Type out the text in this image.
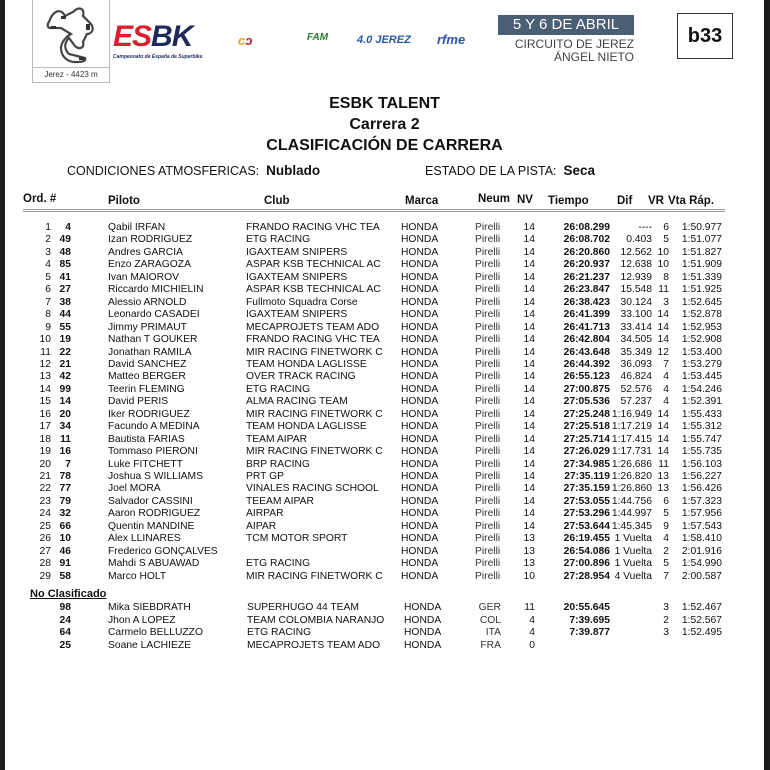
Jerez - 4423 m
ESBK
Campeonato de España de Superbike
cɔ	FAM	4.0 JEREZ rfme
5 Y 6 DE ABRIL
CIRCUITO DE JEREZ
ÁNGEL NIETO
b33
ESBK TALENT
Carrera 2
CLASIFICACIÓN DE CARRERA
CONDICIONES ATMOSFERICAS: Nublado	ESTADO DE LA PISTA: Seca
Ord. #	Piloto	Club	Marca	Neum NV Tiempo Dif VR Vta Ráp.
1	4	Qabil IRFAN	FRANDO RACING VHC TEA	HONDA	Pirelli	14	26:08.299	----	6	1:50.977
2 49	Izan RODRIGUEZ	ETG RACING	HONDA	Pirelli	14	26:08.702	0.403	5	1:51.077
3 48	Andres GARCIA	IGAXTEAM SNIPERS	HONDA	Pirelli	14	26:20.860	12.562 10	1:51.827
4 85	Enzo ZARAGOZA	ASPAR KSB TECHNICAL AC	HONDA	Pirelli	14	26:20.937	12.638 10	1:51.909
5 41	Ivan MAIOROV	IGAXTEAM SNIPERS	HONDA	Pirelli	14	26:21.237	12.939	8	1:51.339
6 27	Riccardo MICHIELIN	ASPAR KSB TECHNICAL AC	HONDA	Pirelli	14	26:23.847	15.548 11	1:51.925
7 38	Alessio ARNOLD	Fullmoto Squadra Corse	HONDA	Pirelli	14	26:38.423	30.124	3	1:52.645
8 44	Leonardo CASADEI	IGAXTEAM SNIPERS	HONDA	Pirelli	14	26:41.399	33.100 14	1:52.878
9 55	Jimmy PRIMAUT	MÉCAPROJETS TEAM ADO	HONDA	Pirelli	14	26:41.713	33.414 14	1:52.953
10 19	Nathan T GOUKER	FRANDO RACING VHC TEA	HONDA	Pirelli	14	26:42.804	34.505 14	1:52.908
11 22	Jonathan RAMILA	MIR RACING FINETWORK C	HONDA	Pirelli	14	26:43.648	35.349 12	1:53.400
12 21	David SANCHEZ	TEAM HONDA LAGLISSE	HONDA	Pirelli	14	26:44.392	36.093	7	1:53.279
13 42	Matteo BERGER	OVER TRACK RACING	HONDA	Pirelli	14	26:55.123	46.824	4	1:53.445
14 99	Teerin FLEMING	ETG RACING	HONDA	Pirelli	14	27:00.875	52.576	4	1:54.246
15 14	David PERIS	ALMA RACING TEAM	HONDA	Pirelli	14	27:05.536	57.237	4	1:52.391
16 20	Iker RODRIGUEZ	MIR RACING FINETWORK C	HONDA	Pirelli	14	27:25.248 1:16.949 14	1:55.433
17 34	Facundo A MEDINA	TEAM HONDA LAGLISSE	HONDA	Pirelli	14	27:25.518 1:17.219 14	1:55.312
18 11	Bautista FARIAS	TEAM AIPAR	HONDA	Pirelli	14	27:25.714 1:17.415 14	1:55.747
19 16	Tommaso PIERONI	MIR RACING FINETWORK C	HONDA	Pirelli	14	27:26.029 1:17.731 14	1:55.735
20	7	Luke FITCHETT	BRP RACING	HONDA	Pirelli	14	27:34.985 1:26.686 11	1:56.103
21 78	Joshua S WILLIAMS	PRT GP	HONDA	Pirelli	14	27:35.119 1:26.820 13	1:56.227
22 77	Joel MORA	VIÑALES RACING SCHOOL	HONDA	Pirelli	14	27:35.159 1:26.860 13	1:56.426
23 79	Salvador CASSINI	TEEAM AIPAR	HONDA	Pirelli	14	27:53.055 1:44.756	6	1:57.323
24 32	Aaron RODRIGUEZ	AIRPAR	HONDA	Pirelli	14	27:53.296 1:44.997	5	1:57.956
25 66	Quentin MANDINE	AIPAR	HONDA	Pirelli	14	27:53.644 1:45.345	9	1:57.543
26 10	Alex LLINARES	TCM MOTOR SPORT	HONDA	Pirelli	13	26:19.455 1 Vuelta	4	1:58.410
27 46	Frederico GONÇALVES	HONDA	Pirelli	13	26:54.086 1 Vuelta	2	2:01.916
28 91	Mahdi S ABUAWAD	ETG RACING	HONDA	Pirelli	13	27:00.896 1 Vuelta	5	1:54.990
29 58	Marco HOLT	MIR RACING FINETWORK C	HONDA	Pirelli	10	27:28.954 4 Vuelta	7	2:00.587
No Clasificado
98	Mika SIEBDRATH	SUPERHUGO 44 TEAM	HONDA	GER	11	20:55.645	3	1:52.467
24	Jhon A LOPEZ	TEAM COLOMBIA NARANJO	HONDA	COL	4	7:39.695	2	1:52.567
64	Carmelo BELLUZZO	ETG RACING	HONDA	ITA	4	7:39.877	3	1:52.495
25	Soane LACHIEZE	MÉCAPROJETS TEAM ADO	HONDA	FRA	0
